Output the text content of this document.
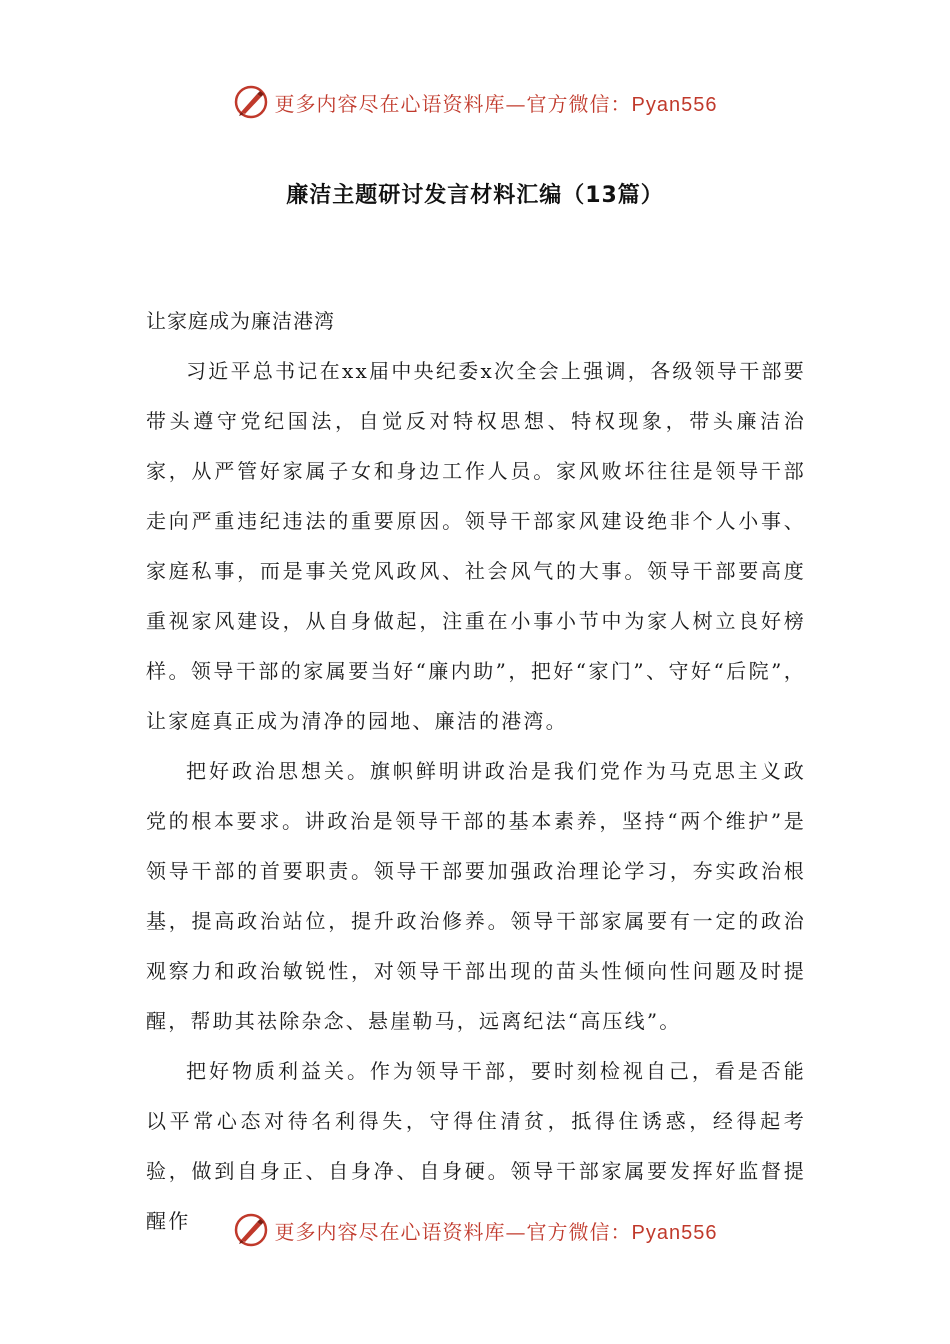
更多内容尽在心语资料库—官方微信：Pyan556
廉洁主题研讨发言材料汇编（13篇）

让家庭成为廉洁港湾

习近平总书记在xx届中央纪委x次全会上强调，各级领导干部要带头遵守党纪国法，自觉反对特权思想、特权现象，带头廉洁治家，从严管好家属子女和身边工作人员。家风败坏往往是领导干部走向严重违纪违法的重要原因。领导干部家风建设绝非个人小事、家庭私事，而是事关党风政风、社会风气的大事。领导干部要高度重视家风建设，从自身做起，注重在小事小节中为家人树立良好榜样。领导干部的家属要当好“廉内助”，把好“家门”、守好“后院”，让家庭真正成为清净的园地、廉洁的港湾。

把好政治思想关。旗帜鲜明讲政治是我们党作为马克思主义政党的根本要求。讲政治是领导干部的基本素养，坚持“两个维护”是领导干部的首要职责。领导干部要加强政治理论学习，夯实政治根基，提高政治站位，提升政治修养。领导干部家属要有一定的政治观察力和政治敏锐性，对领导干部出现的苗头性倾向性问题及时提醒，帮助其祛除杂念、悬崖勒马，远离纪法“高压线”。

把好物质利益关。作为领导干部，要时刻检视自己，看是否能以平常心态对待名利得失，守得住清贫，抵得住诱惑，经得起考验，做到自身正、自身净、自身硬。领导干部家属要发挥好监督提醒作	更多内容尽在心语资料库—官方微信：Pyan556
